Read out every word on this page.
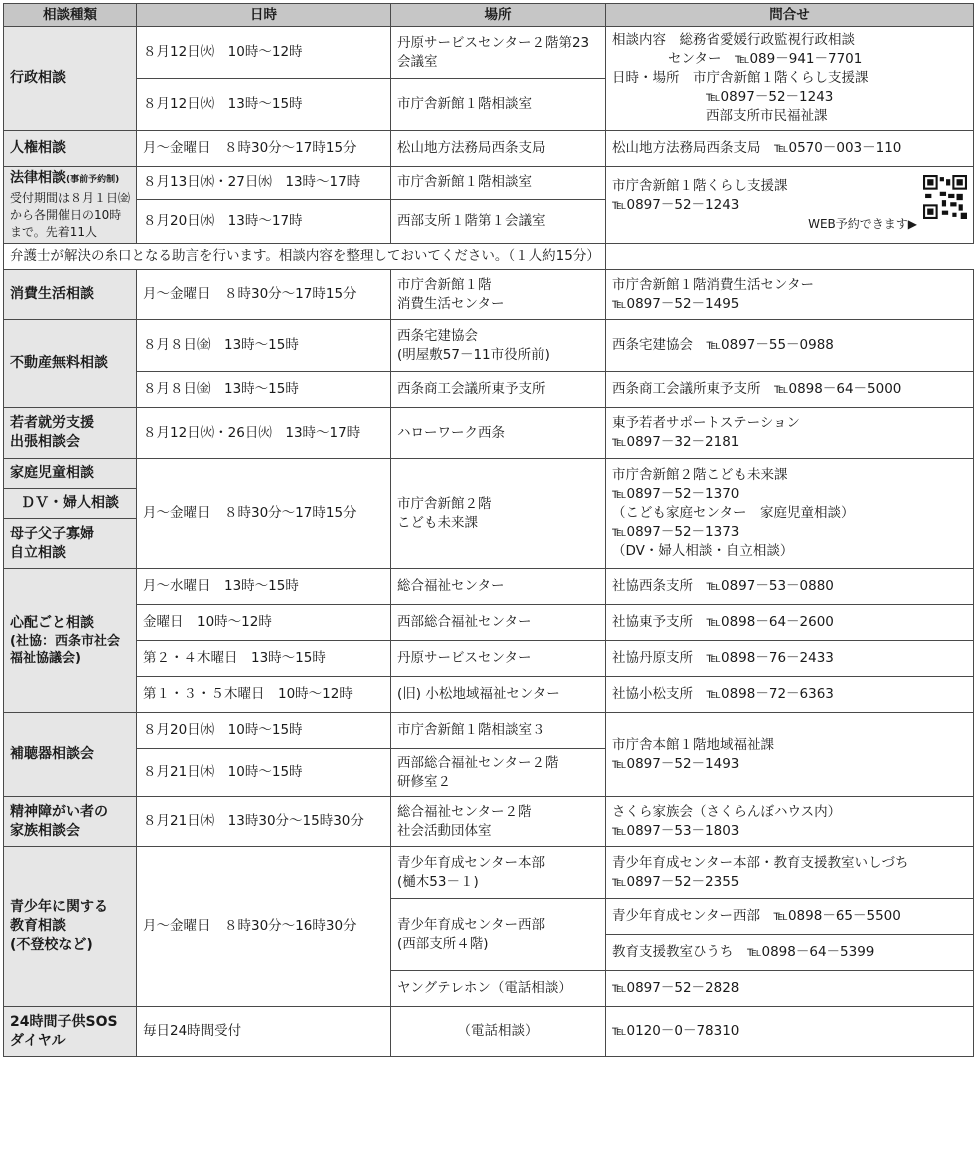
相談種類	日時	場所	問合せ
行政相談	８月12日㈫　10時～12時	丹原サービスセンター２階第23会議室	相談内容　総務省愛媛行政監視行政相談
センター　℡089－941－7701
日時・場所　市庁舎新館１階くらし支援課
℡0897－52－1243
西部支所市民福祉課

	８月12日㈫　13時～15時	市庁舎新館１階相談室	
人権相談	月～金曜日　８時30分～17時15分	松山地方法務局西条支局	松山地方法務局西条支局　℡0570－003－110
法律相談(事前予約制)
受付期間は８月１日㈮から各開催日の10時まで。先着11人	８月13日㈬・27日㈬　13時～17時	市庁舎新館１階相談室	市庁舎新館１階くらし支援課
℡0897－52－1243
WEB予約できます▶

	８月20日㈬　13時～17時	西部支所１階第１会議室	
弁護士が解決の糸口となる助言を行います。相談内容を整理しておいてください。（１人約15分）			
消費生活相談	月～金曜日　８時30分～17時15分	市庁舎新館１階
消費生活センター	市庁舎新館１階消費生活センター
℡0897－52－1495

不動産無料相談	８月８日㈮　13時～15時	西条宅建協会
(明屋敷57－11市役所前)	西条宅建協会　℡0897－55－0988
	８月８日㈮　13時～15時	西条商工会議所東予支所	西条商工会議所東予支所　℡0898－64－5000

若者就労支援
出張相談会	８月12日㈫・26日㈫　13時～17時	ハローワーク西条	東予若者サポートステーション
℡0897－32－2181

家庭児童相談	月～金曜日　８時30分～17時15分	市庁舎新館２階
こども未来課	市庁舎新館２階こども未来課
℡0897－52－1370
（こども家庭センター　家庭児童相談）
℡0897－52－1373
（DV・婦人相談・自立相談）

ＤＶ・婦人相談			

母子父子寡婦
自立相談			

心配ごと相談
(社協：西条市社会福祉協議会)	月～水曜日　13時～15時	総合福祉センター	社協西条支所　℡0897－53－0880
	金曜日　10時～12時	西部総合福祉センター	社協東予支所　℡0898－64－2600
	第２・４木曜日　13時～15時	丹原サービスセンター	社協丹原支所　℡0898－76－2433
	第１・３・５木曜日　10時～12時	(旧) 小松地域福祉センター	社協小松支所　℡0898－72－6363
補聴器相談会	８月20日㈬　10時～15時	市庁舎新館１階相談室３	市庁舎本館１階地域福祉課
℡0897－52－1493

	８月21日㈭　10時～15時	西部総合福祉センター２階
研修室２	

精神障がい者の
家族相談会	８月21日㈭　13時30分～15時30分	総合福祉センター２階
社会活動団体室	さくら家族会（さくらんぼハウス内）
℡0897－53－1803

青少年に関する
教育相談
(不登校など)	月～金曜日　８時30分～16時30分	青少年育成センター本部
(樋木53－１)	青少年育成センター本部・教育支援教室いしづち
℡0897－52－2355

		青少年育成センター西部
(西部支所４階)	青少年育成センター西部　℡0898－65－5500
			教育支援教室ひうち　℡0898－64－5399
		ヤングテレホン（電話相談）	℡0897－52－2828

24時間子供SOS
ダイヤル	毎日24時間受付	（電話相談）	℡0120－0－78310
